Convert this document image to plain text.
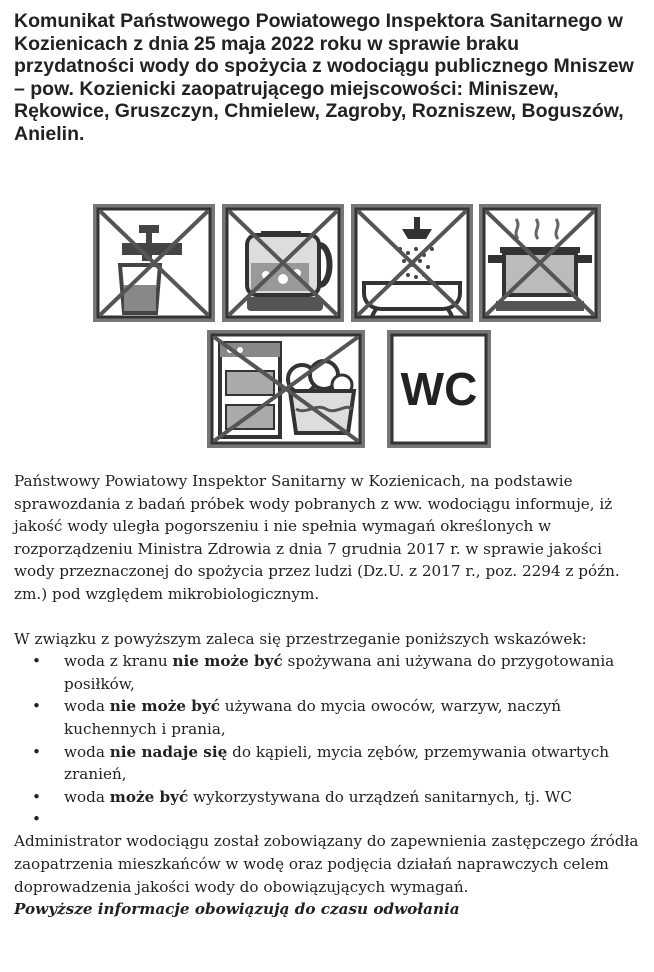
Komunikat Państwowego Powiatowego Inspektora Sanitarnego w Kozienicach z dnia 25 maja 2022 roku w sprawie braku przydatności wody do spożycia z wodociągu publicznego Mniszew – pow. Kozienicki zaopatrującego miejscowości: Miniszew, Rękowice, Gruszczyn, Chmielew, Zagroby, Rozniszew, Boguszów, Anielin.
WC

Państwowy Powiatowy Inspektor Sanitarny w Kozienicach, na podstawie sprawozdania z badań próbek wody pobranych z ww. wodociągu informuje, iż jakość wody uległa pogorszeniu i nie spełnia wymagań określonych w rozporządzeniu Ministra Zdrowia z dnia 7 grudnia 2017 r. w sprawie jakości wody przeznaczonej do spożycia przez ludzi (Dz.U. z 2017 r., poz. 2294 z późn. zm.) pod względem mikrobiologicznym.

W związku z powyższym zaleca się przestrzeganie poniższych wskazówek:

• woda z kranu nie może być spożywana ani używana do przygotowania posiłków,
• woda nie może być używana do mycia owoców, warzyw, naczyń kuchennych i prania,
• woda nie nadaje się do kąpieli, mycia zębów, przemywania otwartych zranień,
• woda może być wykorzystywana do urządzeń sanitarnych, tj. WC
•

Administrator wodociągu został zobowiązany do zapewnienia zastępczego źródła zaopatrzenia mieszkańców w wodę oraz podjęcia działań naprawczych celem doprowadzenia jakości wody do obowiązujących wymagań.

Powyższe informacje obowiązują do czasu odwołania
